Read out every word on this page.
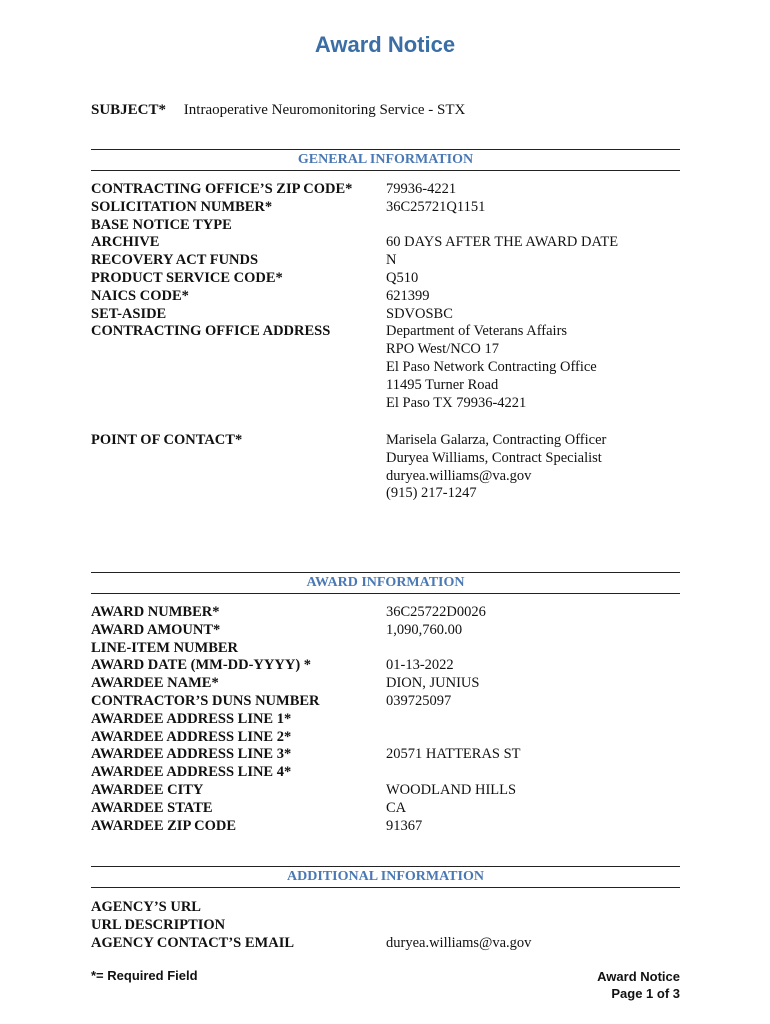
Award Notice
SUBJECT* Intraoperative Neuromonitoring Service - STX
GENERAL INFORMATION
CONTRACTING OFFICE’S ZIP CODE*	79936-4221
SOLICITATION NUMBER*	36C25721Q1151
BASE NOTICE TYPE
ARCHIVE	60 DAYS AFTER THE AWARD DATE
RECOVERY ACT FUNDS	N
PRODUCT SERVICE CODE*	Q510
NAICS CODE*	621399
SET-ASIDE	SDVOSBC
CONTRACTING OFFICE ADDRESS	Department of Veterans Affairs
RPO West/NCO 17
El Paso Network Contracting Office
11495 Turner Road
El Paso TX 79936-4221
POINT OF CONTACT*	Marisela Galarza, Contracting Officer
Duryea Williams, Contract Specialist
duryea.williams@va.gov
(915) 217-1247
AWARD INFORMATION
AWARD NUMBER*	36C25722D0026
AWARD AMOUNT*	1,090,760.00
LINE-ITEM NUMBER
AWARD DATE (MM-DD-YYYY) *	01-13-2022
AWARDEE NAME*	DION, JUNIUS
CONTRACTOR’S DUNS NUMBER	039725097
AWARDEE ADDRESS LINE 1*
AWARDEE ADDRESS LINE 2*
AWARDEE ADDRESS LINE 3*	20571 HATTERAS ST
AWARDEE ADDRESS LINE 4*
AWARDEE CITY	WOODLAND HILLS
AWARDEE STATE	CA
AWARDEE ZIP CODE	91367
ADDITIONAL INFORMATION
AGENCY’S URL
URL DESCRIPTION
AGENCY CONTACT’S EMAIL	duryea.williams@va.gov
*= Required Field	Award Notice
Page 1 of 3
